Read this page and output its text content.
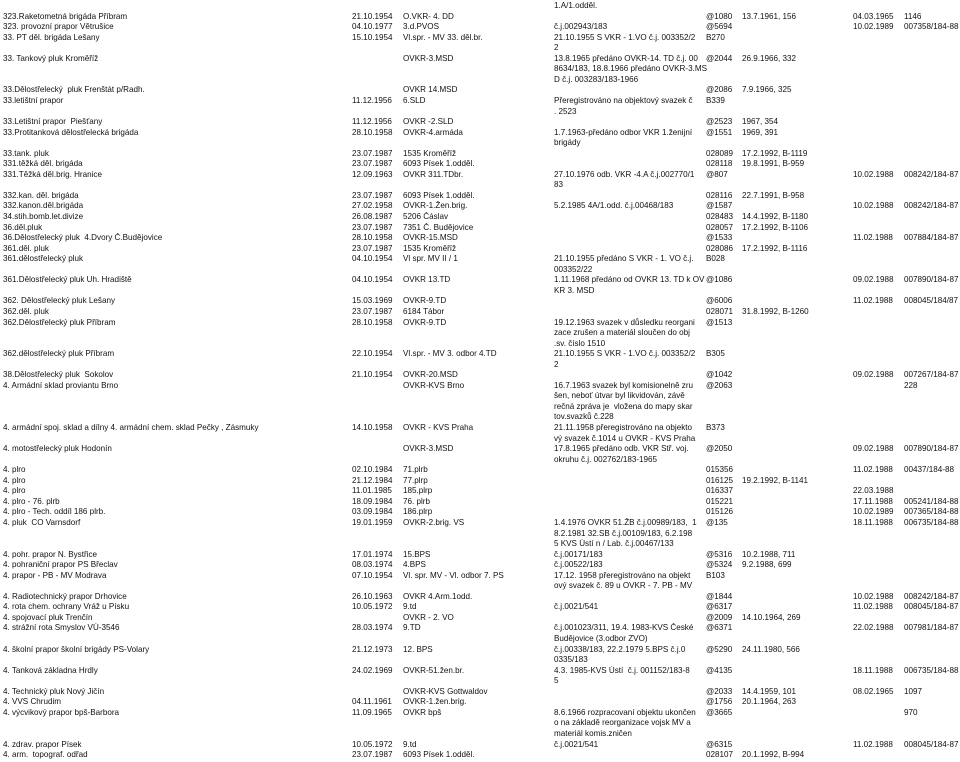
1.A/1.odděl.
323.Raketometná brigáda Příbram	21.10.1954	O.VKR- 4. DD	@1080	13.7.1961, 156	04.03.1965	1146
323. provozní prapor Větrušice	04.10.1977	3.d.PVOS	č.j.002943/183	@5694	10.02.1989	007358/184-88
33. PT děl. brigáda Lešany	15.10.1954	Vl.spr. - MV 33. děl.br.	21.10.1955 S VKR - 1.VO č.j. 003352/2	B270
2
33. Tankový pluk Kroměříž	OVKR-3.MSD	13.8.1965 předáno OVKR-14. TD č.j. 00	@2044	26.9.1966, 332
8634/183, 18.8.1966 předáno OVKR-3.MS
D č.j. 003283/183-1966
33.Dělostřelecký  pluk Frenštát p/Radh.	OVKR 14.MSD	@2086	7.9.1966, 325
33.letištní prapor	11.12.1956	6.SLD	Přeregistrováno na objektový svazek č	B339
. 2523
33.Letištní prapor  Piešťany	11.12.1956	OVKR -2.SLD	@2523	1967, 354
33.Protitanková dělostřelecká brigáda	28.10.1958	OVKR-4.armáda	1.7.1963-předáno odbor VKR 1.ženijní	@1551	1969, 391
brigády
33.tank. pluk	23.07.1987	1535 Kroměříž	028089	17.2.1992, B-1119
331.těžká děl. brigáda	23.07.1987	6093 Písek 1.odděl.	028118	19.8.1991, B-959
331.Těžká děl.brig. Hranice	12.09.1963	OVKR 311.TDbr.	27.10.1976 odb. VKR -4.A č.j.002770/1	@807	10.02.1988	008242/184-87
83
332.kan. děl. brigáda	23.07.1987	6093 Písek 1.odděl.	028116	22.7.1991, B-958
332.kanon.děl.brigáda	27.02.1958	OVKR-1.Žen.brig.	5.2.1985 4A/1.odd. č.j.00468/183	@1587	10.02.1988	008242/184-87
34.stih.bomb.let.divize	26.08.1987	5206 Čáslav	028483	14.4.1992, B-1180
36.děl.pluk	23.07.1987	7351 Č. Budějovice	028057	17.2.1992, B-1106
36.Dělostřelecký pluk  4.Dvory Č.Budějovice	28.10.1958	OVKR-15.MSD	@1533	11.02.1988	007884/184-87
361.děl. pluk	23.07.1987	1535 Kroměříž	028086	17.2.1992, B-1116
361.dělostřelecký pluk	04.10.1954	Vl spr. MV II / 1	21.10.1955 předáno S VKR - 1. VO č.j.	B028
003352/22
361.Dělostřelecký pluk Uh. Hradiště	04.10.1954	OVKR 13.TD	1.11.1968 předáno od OVKR 13. TD k OV @1086	09.02.1988	007890/184-87
KR 3. MSD
362. Dělostřelecký pluk Lešany	15.03.1969	OVKR-9.TD	@6006	11.02.1988	008045/184/87
362.děl. pluk	23.07.1987	6184 Tábor	028071	31.8.1992, B-1260
362.Dělostřelecký pluk Příbram	28.10.1958	OVKR-9.TD	19.12.1963 svazek v důsledku reorgani	@1513
zace zrušen a materiál sloučen do obj
.sv. číslo 1510
362.dělostřelecký pluk Příbram	22.10.1954	Vl.spr. - MV 3. odbor 4.TD	21.10.1955 S VKR - 1.VO č.j. 003352/2	B305
2
38.Dělostřelecký pluk  Sokolov	21.10.1954	OVKR-20.MSD	@1042	09.02.1988	007267/184-87
4. Armádní sklad proviantu Brno	OVKR-KVS Brno	16.7.1963 svazek byl komisionelně zru	@2063	228
šen, neboť útvar byl likvidován, závě
rečná zpráva je  vložena do mapy skar
tov.svazků č.228
4. armádní spoj. sklad a dílny 4. armádní chem. sklad Pečky , Zásmuky	14.10.1958	OVKR - KVS Praha	21.11.1958 přeregistrováno na objekto	B373
vý svazek č.1014 u OVKR - KVS Praha
4. motostřelecký pluk Hodonín	OVKR-3.MSD	17.8.1965 předáno odb. VKR Stř. voj.	@2050	09.02.1988	007890/184-87
okruhu č.j. 002762/183-1965
4. plro	02.10.1984	71.plrb	015356	11.02.1988	00437/184-88
4. plro	21.12.1984	77.plrp	016125	19.2.1992, B-1141
4. plro	11.01.1985	185.plrp	016337	22.03.1988
4. plro - 76. plrb	18.09.1984	76. plrb	015221	17.11.1988	005241/184-88
4. plro - Tech. oddíl 186 plrb.	03.09.1984	186.plrp	015126	10.02.1989	007365/184-88
4. pluk  CO Varnsdorf	19.01.1959	OVKR-2.brig. VS	1.4.1976 OVKR 51.ŽB č.j.00989/183,  1	@135	18.11.1988	006735/184-88
8.2.1981 32.SB č.j.00109/183, 6.2.198
5 KVS Ústí n / Lab. č.j.00467/133
4. pohr. prapor N. Bystřice	17.01.1974	15.BPS	č.j.00171/183	@5316	10.2.1988, 711
4. pohraniční prapor PS Břeclav	08.03.1974	4.BPS	č.j.00522/183	@5324	9.2.1988, 699
4. prapor - PB - MV Modrava	07.10.1954	Vl. spr. MV - Vl. odbor 7. PS	17.12. 1958 přeregistrováno na objekt	B103
ový svazek č. 89 u OVKR - 7. PB - MV
4. Radiotechnický prapor Drhovice	26.10.1963	OVKR 4.Arm.1odd.	@1844	10.02.1988	008242/184-87
4. rota chem. ochrany Vráž u Písku	10.05.1972	9.td	č.j.0021/541	@6317	11.02.1988	008045/184-87
4. spojovací pluk Trenčín	OVKR - 2. VO	@2009	14.10.1964, 269
4. strážní rota Smyslov VÚ-3546	28.03.1974	9.TD	č.j.001023/311, 19.4. 1983-KVS České	@6371	22.02.1988	007981/184-87
Budějovice (3.odbor ZVO)
4. školní prapor školní brigády PS-Volary	21.12.1973	12. BPS	č.j.00338/183, 22.2.1979 5.BPS č.j.0	@5290	24.11.1980, 566
0335/183
4. Tanková základna Hrdly	24.02.1969	OVKR-51.žen.br.	4.3. 1985-KVS Ústí  č.j. 001152/183-8	@4135	18.11.1988	006735/184-88
5
4. Technický pluk Nový Jičín	OVKR-KVS Gottwaldov	@2033	14.4.1959, 101	08.02.1965	1097
4. VVS Chrudim	04.11.1961	OVKR-1.žen.brig.	@1756	20.1.1964, 263
4. výcvikový prapor bpš-Barbora	11.09.1965	OVKR bpš	8.6.1966 rozpracovaní objektu ukončen	@3665	970
o na základě reorganizace vojsk MV a
materiál komis.zničen
4. zdrav. prapor Písek	10.05.1972	9.td	č.j.0021/541	@6315	11.02.1988	008045/184-87
4. arm.  topograf. odřad	23.07.1987	6093 Písek 1.odděl.	028107	20.1.1992, B-994
